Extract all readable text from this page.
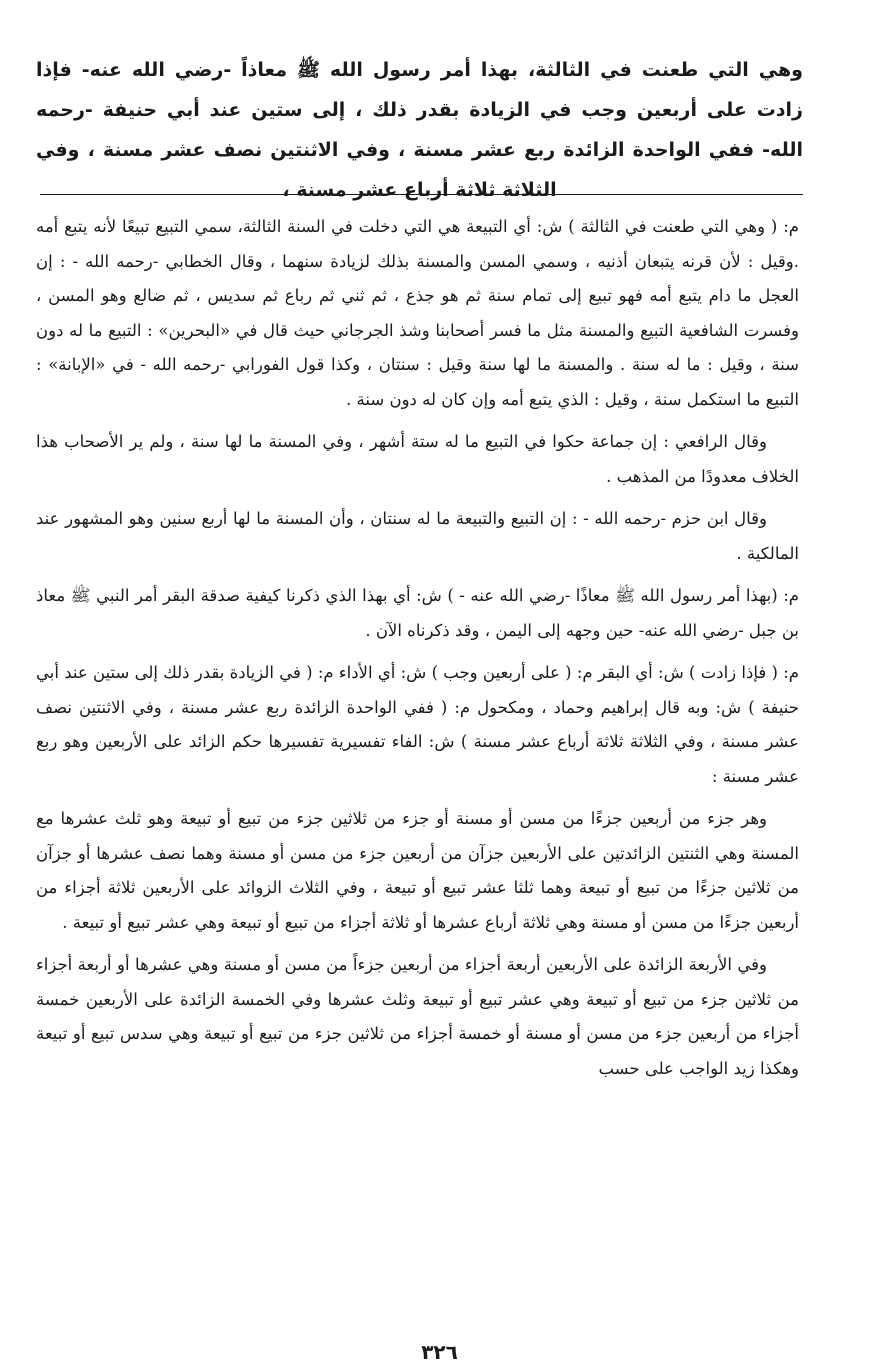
وهي التي طعنت في الثالثة، بهذا أمر رسول الله ﷺ معاذاً -رضي الله عنه- فإذا زادت على أربعين وجب في الزيادة بقدر ذلك ، إلى ستين عند أبي حنيفة -رحمه الله- ففي الواحدة الزائدة ربع عشر مسنة ، وفي الاثنتين نصف عشر مسنة ، وفي الثلاثة ثلاثة أرباع عشر مسنة ،

م: ( وهي التي طعنت في الثالثة ) ش: أي التبيعة هي التي دخلت في السنة الثالثة، سمي التبيع تبيعًا لأنه يتبع أمه .وقيل : لأن قرنه يتبعان أذنيه ، وسمي المسن والمسنة بذلك لزيادة سنهما ، وقال الخطابي -رحمه الله - : إن العجل ما دام يتبع أمه فهو تبيع إلى تمام سنة ثم هو جذع ، ثم ثني ثم رباع ثم سديس ، ثم ضالع وهو المسن ، وفسرت الشافعية التبيع والمسنة مثل ما فسر أصحابنا وشذ الجرجاني حيث قال في «البحرين» : التبيع ما له دون سنة ، وقيل : ما له سنة . والمسنة ما لها سنة وقيل : سنتان ، وكذا قول الفورابي -رحمه الله - في «الإبانة» : التبيع ما استكمل سنة ، وقيل : الذي يتبع أمه وإن كان له دون سنة .

وقال الرافعي : إن جماعة حكوا في التبيع ما له ستة أشهر ، وفي المسنة ما لها سنة ، ولم ير الأصحاب هذا الخلاف معدودًا من المذهب .

وقال ابن حزم -رحمه الله - : إن التبيع والتبيعة ما له سنتان ، وأن المسنة ما لها أربع سنين وهو المشهور عند المالكية .

م: (بهذا أمر رسول الله ﷺ معاذًا -رضي الله عنه - ) ش: أي بهذا الذي ذكرنا كيفية صدقة البقر أمر النبي ﷺ معاذ بن جبل -رضي الله عنه- حين وجهه إلى اليمن ، وقد ذكرناه الآن .

م: ( فإذا زادت ) ش: أي البقر م: ( على أربعين وجب ) ش: أي الأداء م: ( في الزيادة بقدر ذلك إلى ستين عند أبي حنيفة ) ش: وبه قال إبراهيم وحماد ، ومكحول م: ( ففي الواحدة الزائدة ربع عشر مسنة ، وفي الاثنتين نصف عشر مسنة ، وفي الثلاثة ثلاثة أرباع عشر مسنة ) ش: الفاء تفسيرية تفسيرها حكم الزائد على الأربعين وهو ربع عشر مسنة :

وهر جزء من أربعين جزءًا من مسن أو مسنة أو جزء من ثلاثين جزء من تبيع أو تبيعة وهو ثلث عشرها مع المسنة وهي الثنتين الزائدتين على الأربعين جزآن من أربعين جزء من مسن أو مسنة وهما نصف عشرها أو جزآن من ثلاثين جزءًا من تبيع أو تبيعة وهما ثلثا عشر تبيع أو تبيعة ، وفي الثلاث الزوائد على الأربعين ثلاثة أجزاء من أربعين جزءًا من مسن أو مسنة وهي ثلاثة أرباع عشرها أو ثلاثة أجزاء من تبيع أو تبيعة وهي عشر تبيع أو تبيعة .

وفي الأربعة الزائدة على الأربعين أربعة أجزاء من أربعين جزءاً من مسن أو مسنة وهي عشرها أو أربعة أجزاء من ثلاثين جزء من تبيع أو تبيعة وهي عشر تبيع أو تبيعة وثلث عشرها وفي الخمسة الزائدة على الأربعين خمسة أجزاء من أربعين جزء من مسن أو مسنة أو خمسة أجزاء من ثلاثين جزء من تبيع أو تبيعة وهي سدس تبيع أو تبيعة وهكذا زيد الواجب على حسب

٣٢٦
